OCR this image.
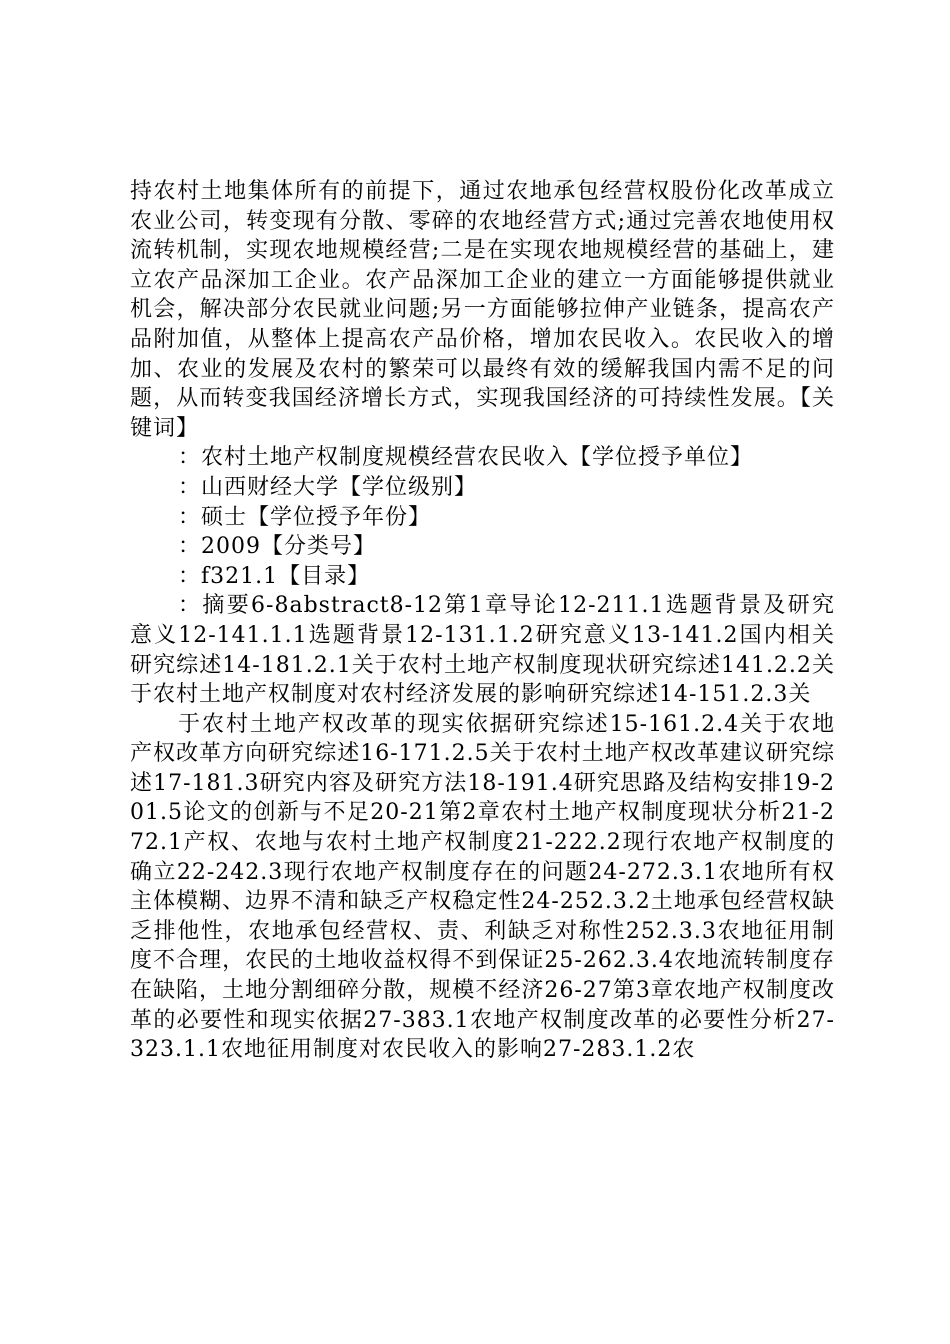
持农村土地集体所有的前提下，通过农地承包经营权股份化改革成立农业公司，转变现有分散、零碎的农地经营方式;通过完善农地使用权流转机制，实现农地规模经营;二是在实现农地规模经营的基础上，建立农产品深加工企业。农产品深加工企业的建立一方面能够提供就业机会，解决部分农民就业问题;另一方面能够拉伸产业链条，提高农产品附加值，从整体上提高农产品价格，增加农民收入。农民收入的增加、农业的发展及农村的繁荣可以最终有效的缓解我国内需不足的问题，从而转变我国经济增长方式，实现我国经济的可持续性发展。【关键词】

：农村土地产权制度规模经营农民收入【学位授予单位】

：山西财经大学【学位级别】

：硕士【学位授予年份】

：2009【分类号】

：f321.1【目录】

：摘要6-8abstract8-12第1章导论12-211.1选题背景及研究意义12-141.1.1选题背景12-131.1.2研究意义13-141.2国内相关研究综述14-181.2.1关于农村土地产权制度现状研究综述141.2.2关于农村土地产权制度对农村经济发展的影响研究综述14-151.2.3关

于农村土地产权改革的现实依据研究综述15-161.2.4关于农地产权改革方向研究综述16-171.2.5关于农村土地产权改革建议研究综述17-181.3研究内容及研究方法18-191.4研究思路及结构安排19-201.5论文的创新与不足20-21第2章农村土地产权制度现状分析21-272.1产权、农地与农村土地产权制度21-222.2现行农地产权制度的确立22-242.3现行农地产权制度存在的问题24-272.3.1农地所有权主体模糊、边界不清和缺乏产权稳定性24-252.3.2土地承包经营权缺乏排他性，农地承包经营权、责、利缺乏对称性252.3.3农地征用制度不合理，农民的土地收益权得不到保证25-262.3.4农地流转制度存在缺陷，土地分割细碎分散，规模不经济26-27第3章农地产权制度改革的必要性和现实依据27-383.1农地产权制度改革的必要性分析27-323.1.1农地征用制度对农民收入的影响27-283.1.2农
